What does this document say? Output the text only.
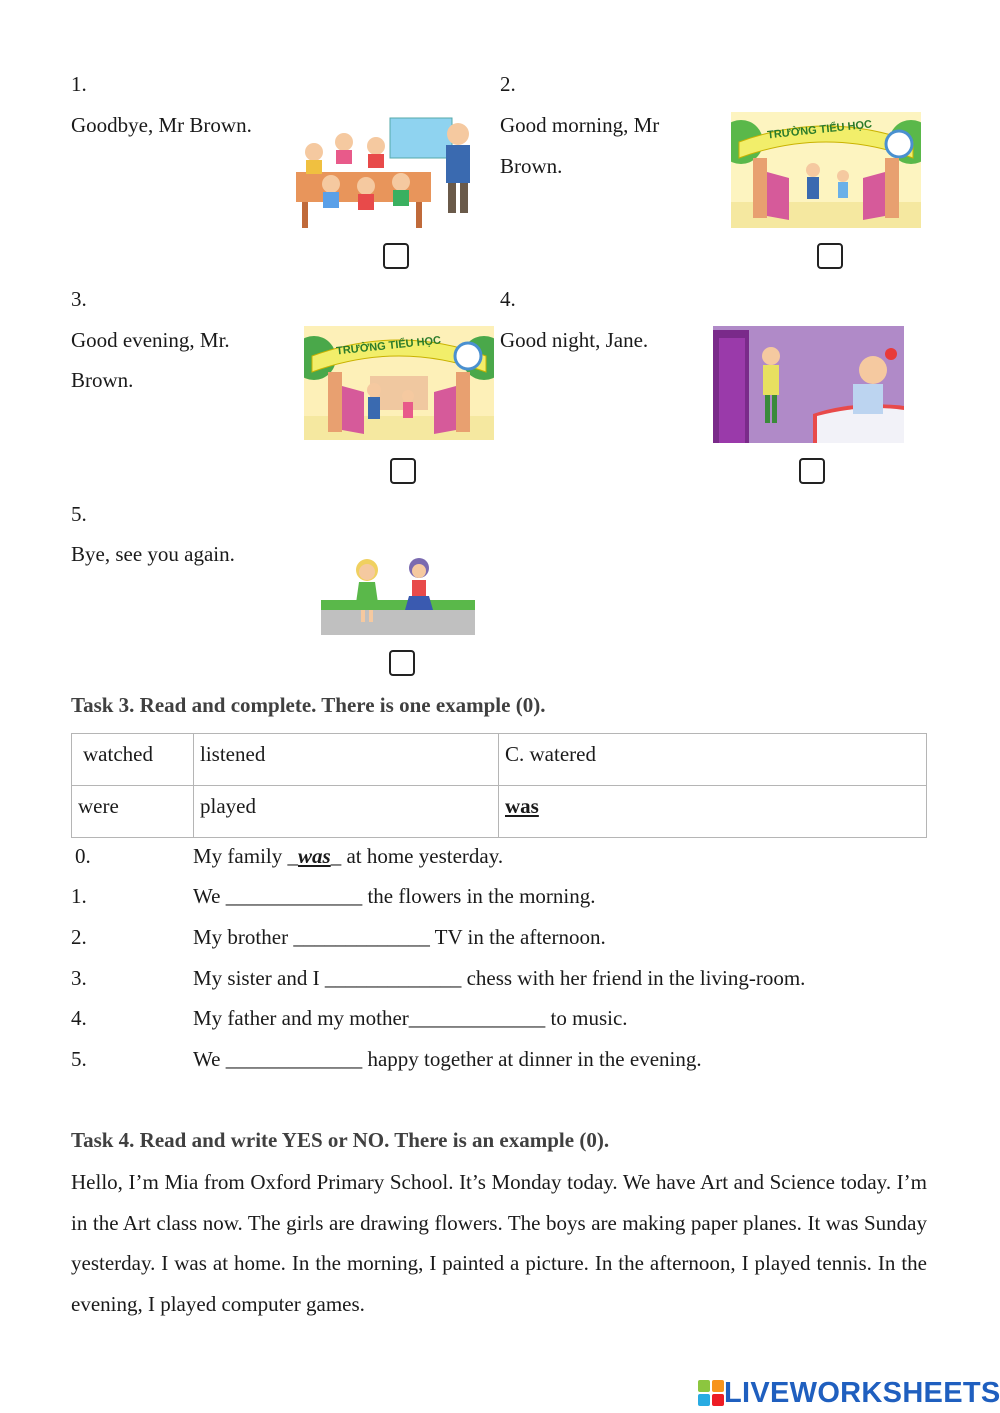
1.
Goodbye, Mr Brown.
2.
Good morning, Mr
Brown.
TRƯỜNG TIỂU HỌC
3.
Good evening, Mr.
Brown.
TRƯỜNG TIỂU HỌC
4.
Good night, Jane.
5.
Bye, see you again.
Task 3. Read and complete. There is one example (0).
watched	listened	C. watered
were	played	was
0.	My family _was_ at home yesterday.
1.	We _____________ the flowers in the morning.
2.	My brother _____________ TV in the afternoon.
3.	My sister and I _____________ chess with her friend in the living-room.
4.	My father and my mother_____________ to music.
5.	We _____________ happy together at dinner in the evening.
Task 4. Read and write YES or NO. There is an example (0).
Hello, I’m Mia from Oxford Primary School. It’s Monday today. We have Art and Science today. I’m in the Art class now. The girls are drawing flowers. The boys are making paper planes. It was Sunday yesterday. I was at home. In the morning, I painted a picture. In the afternoon, I played tennis. In the evening, I played computer games.
LIVEWORKSHEETS
